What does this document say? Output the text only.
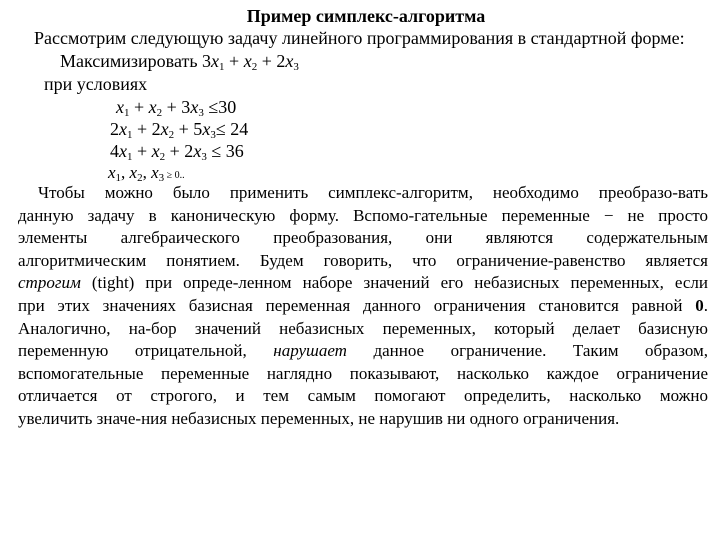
Пример симплекс-алгоритма
Рассмотрим следующую задачу линейного программирования в стандартной форме:
Максимизировать $3x_1 + x_2 + 2x_3$
при условиях
$x_1 + x_2 + 3x_3 \le 30$
$2x_1 + 2x_2 + 5x_3\le 24$
$4x_1 + x_2 + 2x_3 \le 36$
$x_1$, $x_2$, $x_3 \ge 0$..
Чтобы можно было применить симплекс-алгоритм, необходимо преобразо-вать
данную задачу в каноническую форму. Вспомо-гательные переменные − не просто
элементы алгебраического преобразования, они являются содержательным
алгоритмическим понятием. Будем говорить, что ограничение-равенство является
строгим (tight) при опреде-ленном наборе значений его небазисных переменных, если
при этих значениях базисная переменная данного ограничения становится равной 0.
Аналогично, на-бор значений небазисных переменных, который делает базисную
переменную отрицательной, нарушает данное ограничение. Таким образом,
вспомогательные переменные наглядно показывают, насколько каждое ограничение
отличается от строгого, и тем самым помогают определить, насколько можно
увеличить значе-ния небазисных переменных, не нарушив ни одного ограничения.
